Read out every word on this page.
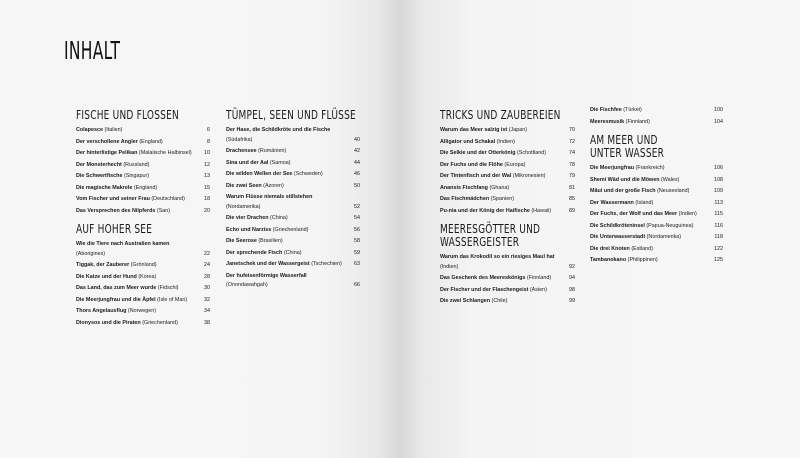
INHALT
FISCHE UND FLOSSEN
Colapesce (Italien)	6
Der verschollene Angler (England)	8
Der hinterlistige Pelikan (Malaiische Halbinsel)	10
Der Monsterhecht (Russland)	12
Die Schwertfische (Singapur)	13
Die magische Makrele (England)	15
Vom Fischer und seiner Frau (Deutschland)	18
Das Versprechen des Nilpferds (San)	20
AUF HOHER SEE
Wie die Tiere nach Australien kamen (Aborigines)	22
Tiggak, der Zauberer (Grönland)	24
Die Katze und der Hund (Korea)	28
Das Land, das zum Meer wurde (Fidschi)	30
Die Meerjungfrau und die Äpfel (Isle of Man)	32
Thors Angelausflug (Norwegen)	34
Dionysos und die Piraten (Griechenland)	38
TÜMPEL, SEEN UND FLÜSSE
Der Hase, die Schildkröte und die Fische (Südafrika)	40
Drachensee (Rumänien)	42
Sina und der Aal (Samoa)	44
Die wilden Wellen der See (Schweden)	46
Die zwei Seen (Azoren)	50
Warum Flüsse niemals stillstehen (Nordamerika)	52
Die vier Drachen (China)	54
Echo und Narziss (Griechenland)	56
Die Seerose (Brasilien)	58
Der sprechende Fisch (China)	59
Janetschek und der Wassergeist (Tschechien)	63
Der hufeisenförmige Wasserfall (Onondawahgah)	66
TRICKS UND ZAUBEREIEN
Warum das Meer salzig ist (Japan)	70
Alligator und Schakal (Indien)	72
Die Selkie und der Otterkönig (Schottland)	74
Der Fuchs und die Flöhe (Europa)	78
Der Tintenfisch und der Wal (Mikronesien)	79
Anansis Fischfang (Ghana)	81
Das Fischmädchen (Spanien)	85
Pu-nia und der König der Haifische (Hawaii)	89
MEERESGÖTTER UND
WASSERGEISTER
Warum das Krokodil so ein riesiges Maul hat (Indien)	92
Das Geschenk des Meereskönigs (Finnland)	94
Der Fischer und der Flaschengeist (Asien)	98
Die zwei Schlangen (Chile)	99
Die Fischfee (Türkei)	100
Meeresmusik (Finnland)	104
AM MEER UND
UNTER WASSER
Die Meerjungfrau (Frankreich)	106
Shemi Wäd und die Möwen (Wales)	108
Māui und der große Fisch (Neuseeland)	109
Der Wassermann (Island)	113
Der Fuchs, der Wolf und das Meer (Indien)	115
Die Schildkröteninsel (Papua-Neuguinea)	116
Die Unterwasserstadt (Nordamerika)	118
Die drei Knoten (Estland)	122
Tambanokano (Philippinen)	125
